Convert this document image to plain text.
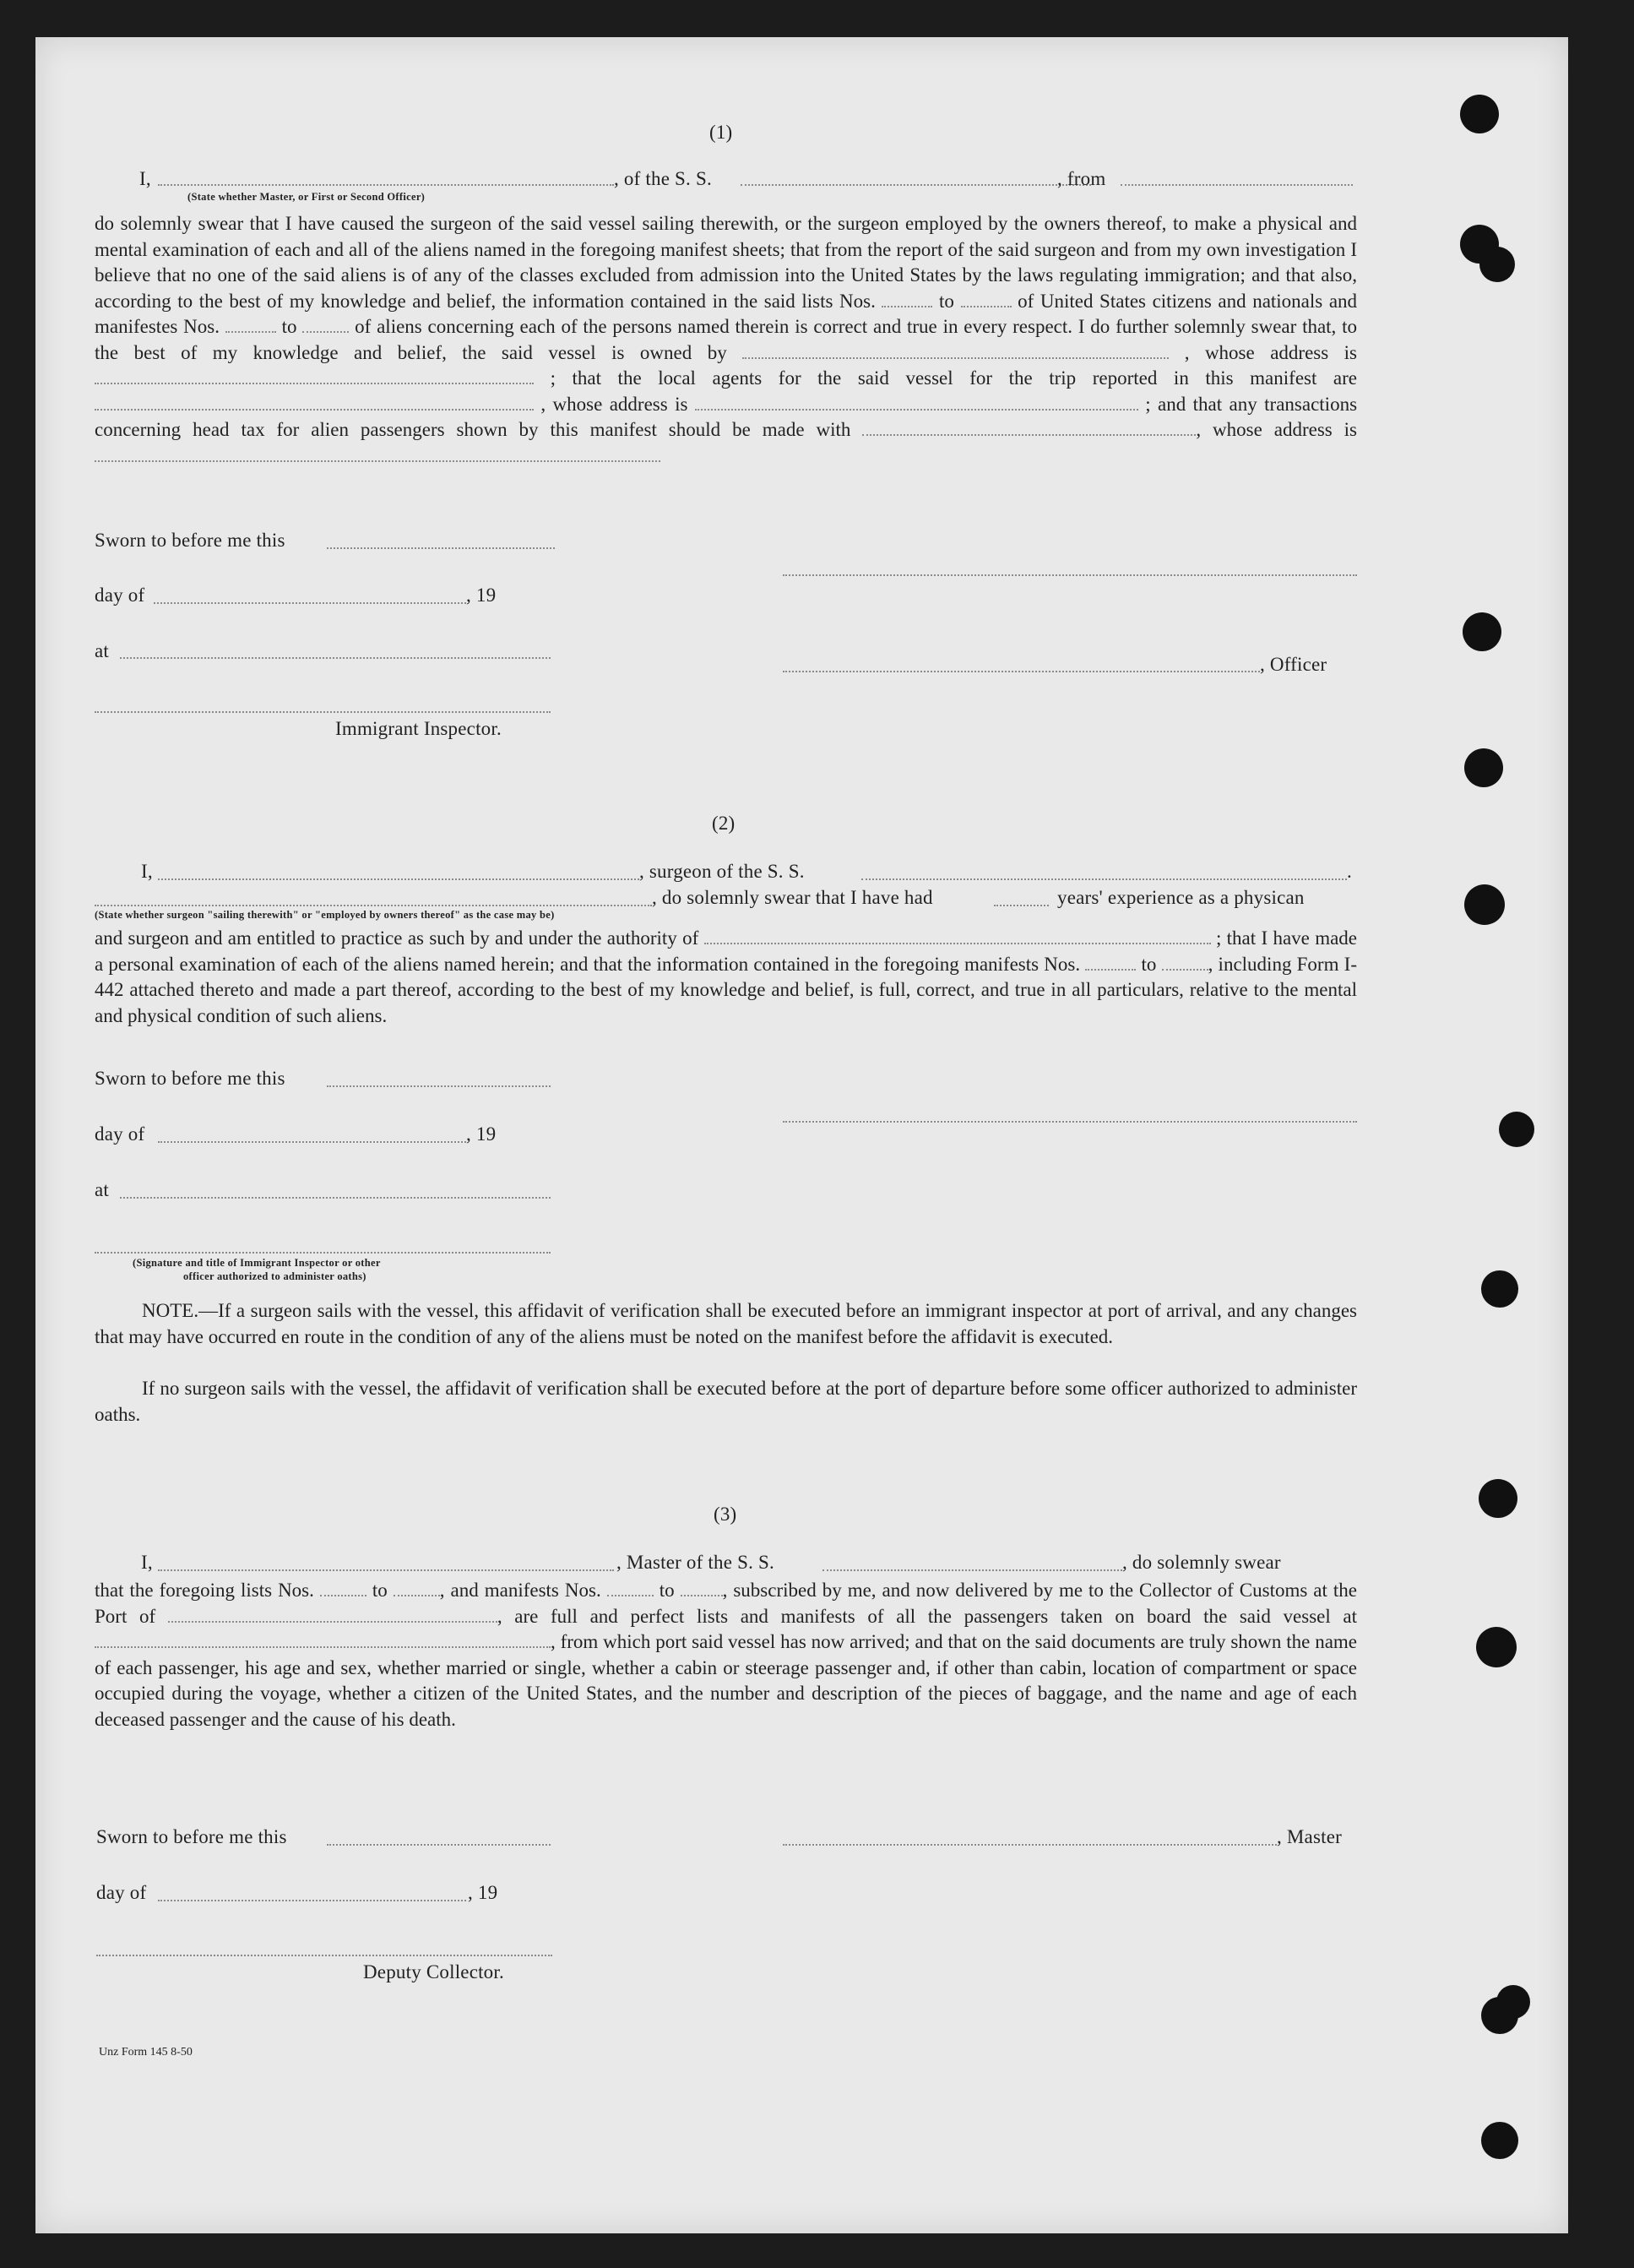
(1)
I,	, of the S. S.	, from
(State whether Master, or First or Second Officer)
do solemnly swear that I have caused the surgeon of the said vessel sailing therewith, or the surgeon employed by the owners thereof, to make a physical and mental examination of each and all of the aliens named in the foregoing manifest sheets; that from the report of the said surgeon and from my own investigation I believe that no one of the said aliens is of any of the classes excluded from admission into the United States by the laws regulating immigration; and that also, according to the best of my knowledge and belief, the information contained in the said lists Nos.	to	of United States citizens and nationals and manifestes Nos.	to	of aliens concerning each of the persons named therein is correct and true in every respect. I do further solemnly swear that, to the best of my knowledge and belief, the said vessel is owned by	, whose address is  ; that the local agents for the said vessel for the trip reported in this manifest are  , whose address is	; and that any transactions concerning head tax for alien passengers shown by this manifest should be made with	, whose address is
Sworn to before me this
day of	, 19
at
, Officer
Immigrant Inspector.
(2)
I,	, surgeon of the S. S.	.
, do solemnly swear that I have had	years' experience as a physican
(State whether surgeon "sailing therewith" or "employed by owners thereof" as the case may be)
and surgeon and am entitled to practice as such by and under the authority of	; that I have made a personal examination of each of the aliens named herein; and that the information contained in the foregoing manifests Nos.	to	, including Form I-442 attached thereto and made a part thereof, according to the best of my knowledge and belief, is full, correct, and true in all particulars, relative to the mental and physical condition of such aliens.
Sworn to before me this
day of	, 19
at
(Signature and title of Immigrant Inspector or other
officer authorized to administer oaths)
NOTE.—If a surgeon sails with the vessel, this affidavit of verification shall be executed before an immigrant inspector at port of arrival, and any changes that may have occurred en route in the condition of any of the aliens must be noted on the manifest before the affidavit is executed.
If no surgeon sails with the vessel, the affidavit of verification shall be executed before at the port of departure before some officer authorized to administer oaths.
(3)
I,	, Master of the S. S.	, do solemnly swear
that the foregoing lists Nos.	to	, and manifests Nos.	to , subscribed by me, and now delivered by me to the Collector of Customs at the Port of	, are full and perfect lists and manifests of all the passengers taken on board the said vessel at , from which port said vessel has now arrived; and that on the said documents are truly shown the name of each passenger, his age and sex, whether married or single, whether a cabin or steerage passenger and, if other than cabin, location of compartment or space occupied during the voyage, whether a citizen of the United States, and the number and description of the pieces of baggage, and the name and age of each deceased passenger and the cause of his death.
Sworn to before me this	, Master
day of	, 19
Deputy Collector.
Unz Form 145 8-50
